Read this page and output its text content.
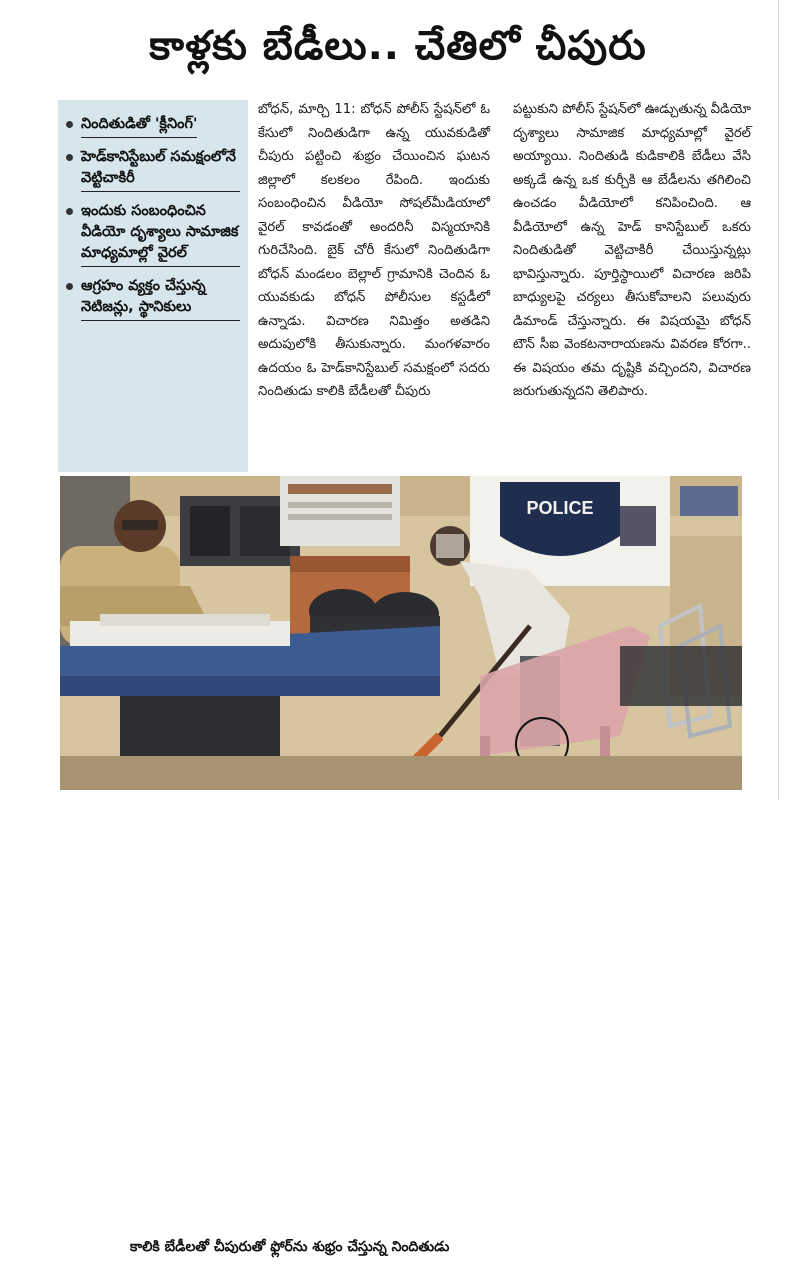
కాళ్లకు బేడీలు.. చేతిలో చీపురు
నిందితుడితో 'క్లీనింగ్'
హెడ్‌కానిస్టేబుల్ సమక్షంలోనే వెట్టిచాకిరీ
ఇందుకు సంబంధించిన వీడియో దృశ్యాలు సామాజిక మాధ్యమాల్లో వైరల్
ఆగ్రహం వ్యక్తం చేస్తున్న నెటిజన్లు, స్థానికులు
బోధన్, మార్చి 11: బోధన్ పోలీస్ స్టేషన్‌లో ఓ కేసులో నిందితుడిగా ఉన్న యువకుడితో చీపురు పట్టించి శుభ్రం చేయించిన ఘటన జిల్లాలో కలకలం రేపింది. ఇందుకు సంబంధించిన వీడియో సోషల్‌మీడియాలో వైరల్ కావడంతో అందరినీ విస్మయానికి గురిచేసింది. బైక్ చోరీ కేసులో నిందితుడిగా బోధన్ మండలం బెల్లాల్ గ్రామానికి చెందిన ఓ యువకుడు బోధన్ పోలీసుల కస్టడీలో ఉన్నాడు. విచారణ నిమిత్తం అతడిని అదుపులోకి తీసుకున్నారు. మంగళవారం ఉదయం ఓ హెడ్‌కానిస్టేబుల్ సమక్షంలో సదరు నిందితుడు కాలికి బేడీలతో చీపురు
పట్టుకుని పోలీస్ స్టేషన్‌లో ఊడ్చుతున్న వీడియో దృశ్యాలు సామాజిక మాధ్యమాల్లో వైరల్ అయ్యాయి. నిందితుడి కుడికాలికి బేడీలు వేసి అక్కడే ఉన్న ఒక కుర్చీకి ఆ బేడీలను తగిలించి ఉంచడం వీడియోలో కనిపించింది. ఆ వీడియోలో ఉన్న హెడ్ కానిస్టేబుల్ ఒకరు నిందితుడితో వెట్టిచాకిరీ చేయిస్తున్నట్లు భావిస్తున్నారు. పూర్తిస్థాయిలో విచారణ జరిపి బాధ్యులపై చర్యలు తీసుకోవాలని పలువురు డిమాండ్ చేస్తున్నారు. ఈ విషయమై బోధన్ టౌన్ సీఐ వెంకటనారాయణను వివరణ కోరగా.. ఈ విషయం తమ దృష్టికి వచ్చిందని, విచారణ జరుగుతున్నదని తెలిపారు.
POLICE
కాలికి బేడీలతో చీపురుతో ఫ్లోర్‌ను శుభ్రం చేస్తున్న నిందితుడు
